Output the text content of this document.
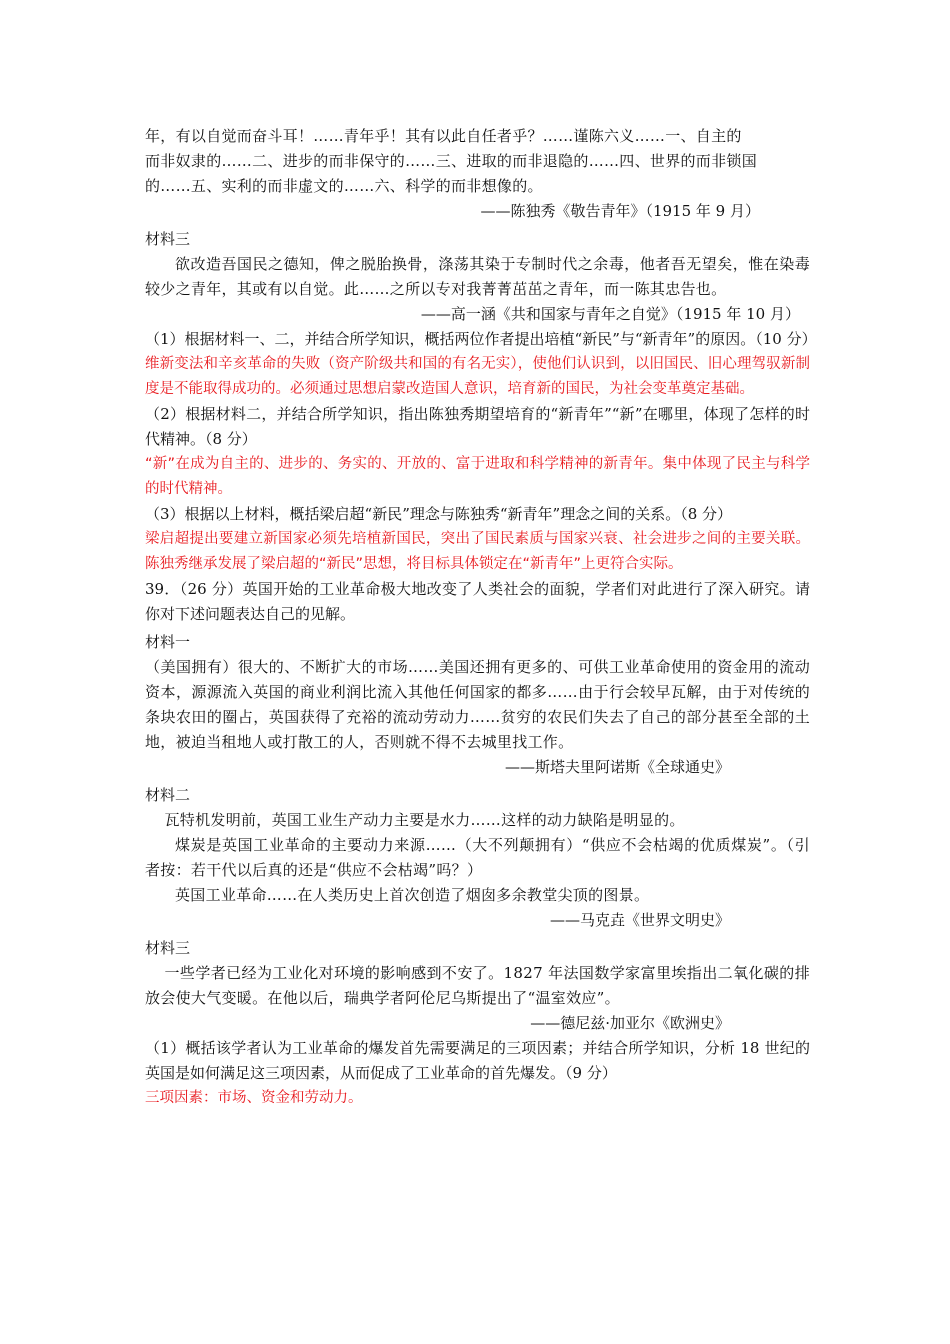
年，有以自觉而奋斗耳！……青年乎！其有以此自任者乎？……谨陈六义……一、自主的

而非奴隶的……二、进步的而非保守的……三、进取的而非退隐的……四、世界的而非锁国

的……五、实利的而非虚文的……六、科学的而非想像的。

——陈独秀《敬告青年》（1915 年 9 月）

材料三

欲改造吾国民之德知，俾之脱胎换骨，涤荡其染于专制时代之余毒，他者吾无望矣，惟在染毒较少之青年，其或有以自觉。此……之所以专对我菁菁茁茁之青年，而一陈其忠告也。

——高一涵《共和国家与青年之自觉》（1915 年 10 月）

（1）根据材料一、二，并结合所学知识，概括两位作者提出培植“新民”与“新青年”的原因。（10 分）

维新变法和辛亥革命的失败（资产阶级共和国的有名无实），使他们认识到，以旧国民、旧心理驾驭新制度是不能取得成功的。必须通过思想启蒙改造国人意识，培育新的国民，为社会变革奠定基础。

（2）根据材料二，并结合所学知识，指出陈独秀期望培育的“新青年”“新”在哪里，体现了怎样的时代精神。（8 分）

“新”在成为自主的、进步的、务实的、开放的、富于进取和科学精神的新青年。集中体现了民主与科学的时代精神。

（3）根据以上材料，概括梁启超“新民”理念与陈独秀“新青年”理念之间的关系。（8 分）

梁启超提出要建立新国家必须先培植新国民，突出了国民素质与国家兴衰、社会进步之间的主要关联。陈独秀继承发展了梁启超的“新民”思想，将目标具体锁定在“新青年”上更符合实际。

39．（26 分）英国开始的工业革命极大地改变了人类社会的面貌，学者们对此进行了深入研究。请你对下述问题表达自己的见解。

材料一

（美国拥有）很大的、不断扩大的市场……美国还拥有更多的、可供工业革命使用的资金用的流动资本，源源流入英国的商业利润比流入其他任何国家的都多……由于行会较早瓦解，由于对传统的条块农田的圈占，英国获得了充裕的流动劳动力……贫穷的农民们失去了自己的部分甚至全部的土地，被迫当租地人或打散工的人，否则就不得不去城里找工作。

——斯塔夫里阿诺斯《全球通史》

材料二

瓦特机发明前，英国工业生产动力主要是水力……这样的动力缺陷是明显的。

煤炭是英国工业革命的主要动力来源……（大不列颠拥有）“供应不会枯竭的优质煤炭”。（引者按：若干代以后真的还是“供应不会枯竭”吗？）

英国工业革命……在人类历史上首次创造了烟囱多余教堂尖顶的图景。

——马克垚《世界文明史》

材料三

一些学者已经为工业化对环境的影响感到不安了。1827 年法国数学家富里埃指出二氧化碳的排放会使大气变暖。在他以后，瑞典学者阿伦尼乌斯提出了“温室效应”。

——德尼兹·加亚尔《欧洲史》

（1）概括该学者认为工业革命的爆发首先需要满足的三项因素；并结合所学知识，分析 18 世纪的英国是如何满足这三项因素，从而促成了工业革命的首先爆发。（9 分）

三项因素：市场、资金和劳动力。
